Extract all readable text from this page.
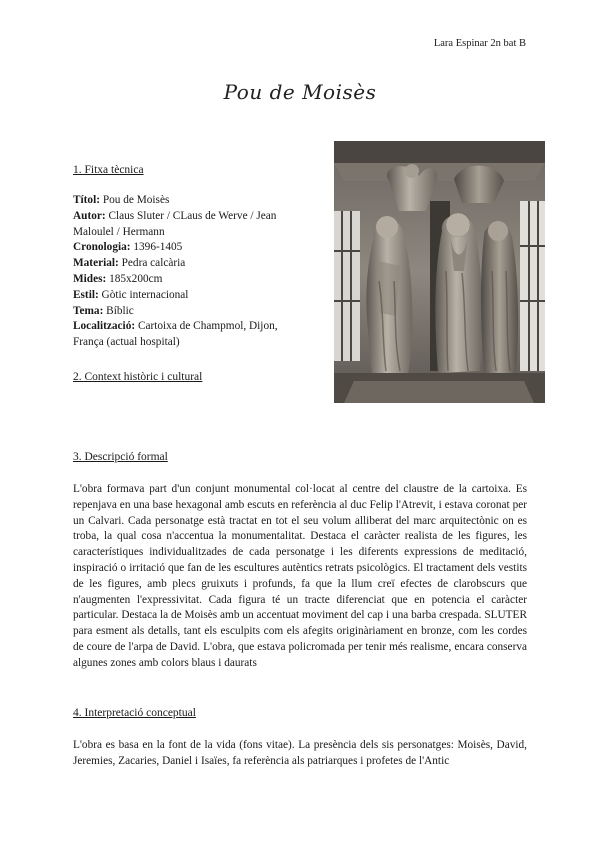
Lara Espinar 2n bat B
Pou de Moisès
1. Fitxa tècnica
Títol: Pou de Moisès
Autor: Claus Sluter / CLaus de Werve / Jean Maloulel / Hermann
Cronologia: 1396-1405
Material: Pedra calcària
Mides: 185x200cm
Estil: Gòtic internacional
Tema: Bíblic
Localització: Cartoixa de Champmol, Dijon, França (actual hospital)
2. Context històric i cultural
3. Descripció formal

L'obra formava part d'un conjunt monumental col·locat al centre del claustre de la cartoixa. Es repenjava en una base hexagonal amb escuts en referència al duc Felip l'Atrevit, i estava coronat per un Calvari. Cada personatge està tractat en tot el seu volum alliberat del marc arquitectònic on es troba, la qual cosa n'accentua la monumentalitat. Destaca el caràcter realista de les figures, les característiques individualitzades de cada personatge i les diferents expressions de meditació, inspiració o irritació que fan de les escultures autèntics retrats psicològics. El tractament dels vestits de les figures, amb plecs gruixuts i profunds, fa que la llum creï efectes de clarobscurs que n'augmenten l'expressivitat. Cada figura té un tracte diferenciat que en potencia el caràcter particular. Destaca la de Moisès amb un accentuat moviment del cap i una barba crespada. SLUTER para esment als detalls, tant els esculpits com els afegits originàriament en bronze, com les cordes de coure de l'arpa de David. L'obra, que estava policromada per tenir més realisme, encara conserva algunes zones amb colors blaus i daurats

4. Interpretació conceptual

L'obra es basa en la font de la vida (fons vitae). La presència dels sis personatges: Moisès, David, Jeremies, Zacaries, Daniel i Isaïes, fa referència als patriarques i profetes de l'Antic
